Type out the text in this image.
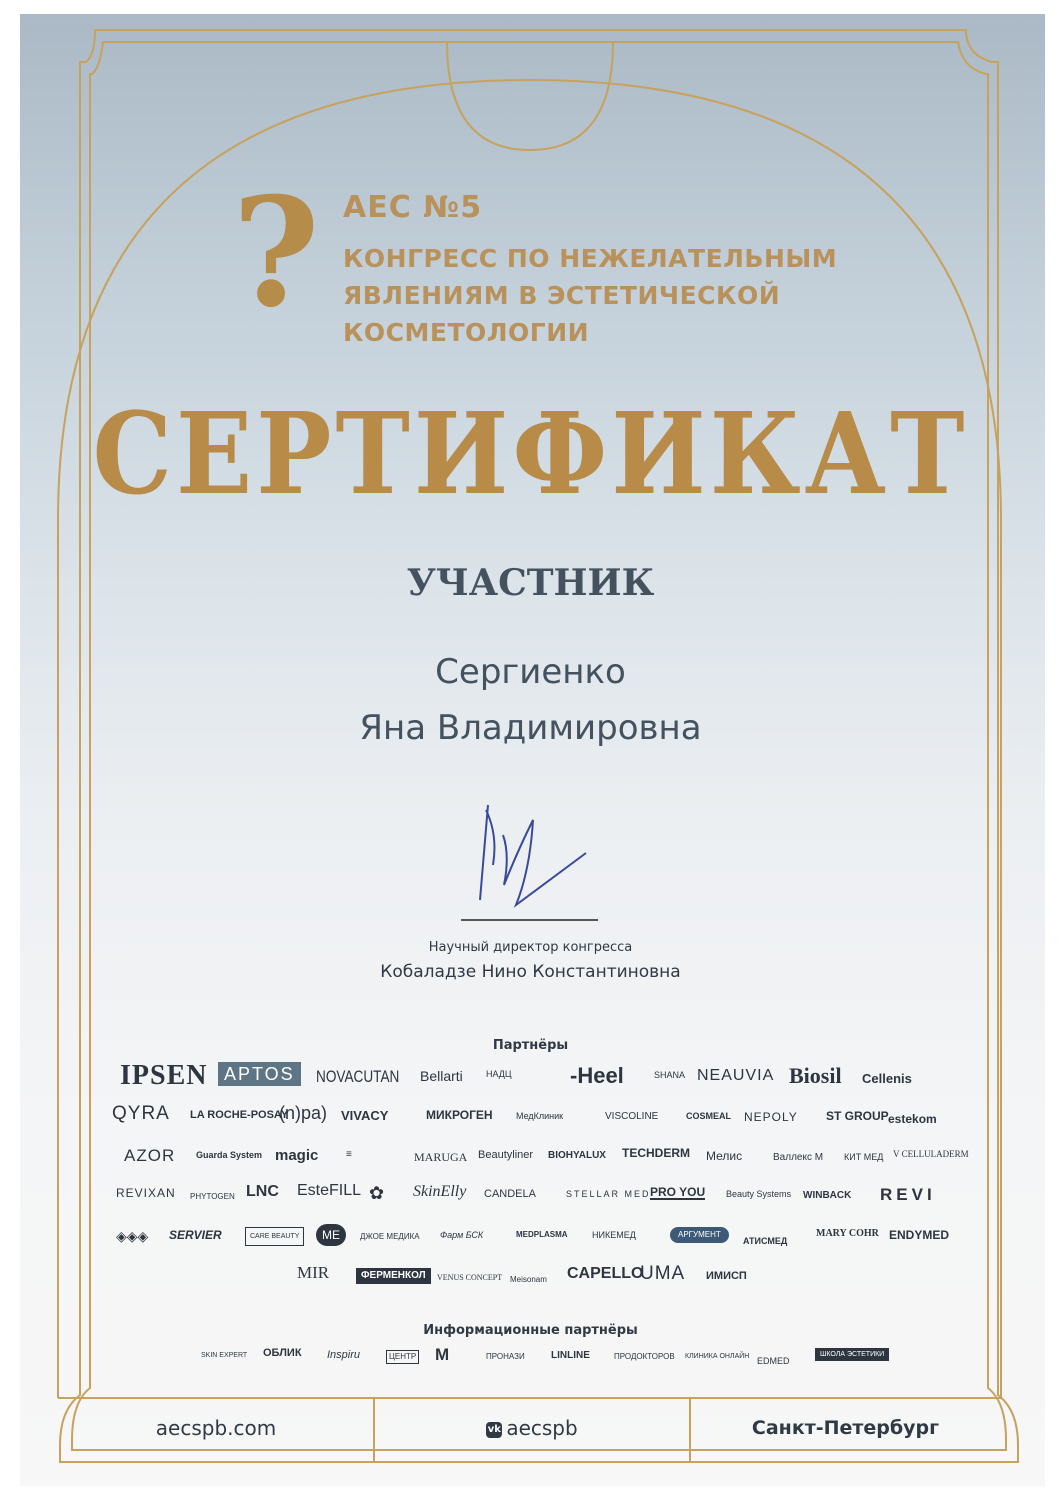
? АЕС №5
КОНГРЕСС ПО НЕЖЕЛАТЕЛЬНЫМ
ЯВЛЕНИЯМ В ЭСТЕТИЧЕСКОЙ
КОСМЕТОЛОГИИ
СЕРТИФИКАТ
УЧАСТНИК
Сергиенко
Яна Владимировна
Научный директор конгресса
Кобаладзе Нино Константиновна
Партнёры
IPSEN APTOS	NOVACUTAN Bellarti	НАДЦ	-Heel	SHANA NEAUVIA Biosil Cellenis
QYRA LA ROCHE-POSAY
(n)pa) VIVACY	МИКРОГЕН	МедКлиник	VISCOLINE	COSMEAL NEPOLY ST GROUP estekom
AZOR Guarda System magic	≡	MARUGA Beautyliner BIOHYALUX TECHDERM Мелис	Валлекс М КИТ МЕД V CELLULADERM
REVIXAN PHYTOGEN LNC EsteFILL ✿ SkinElly CANDELA	STELLAR MED PRO YOU Beauty Systems WINBACK REVI
◈◈◈ SERVIER	CARE BEAUTY	ME	ДЖОЕ МЕДИКА Фарм БСК	MEDPLASMA	НИКЕМЕД	АРГУМЕНТ
АТИСМЕД
MARY COHR ENDYMED
MIR	ФЕРМЕНКОЛ	VENUS CONCEPT Meisonam CAPELLO
UMA ИМИСП
Информационные партнёры
SKIN EXPERT ОБЛИК Inspiru	ЦЕНТР М	ПРОНАЗИ	LINLINE	ПРОДОКТОРОВ КЛИНИКА ОНЛАЙН EDMED
ШКОЛА ЭСТЕТИКИ
aecspb.com	vk aecspb	Санкт-Петербург
